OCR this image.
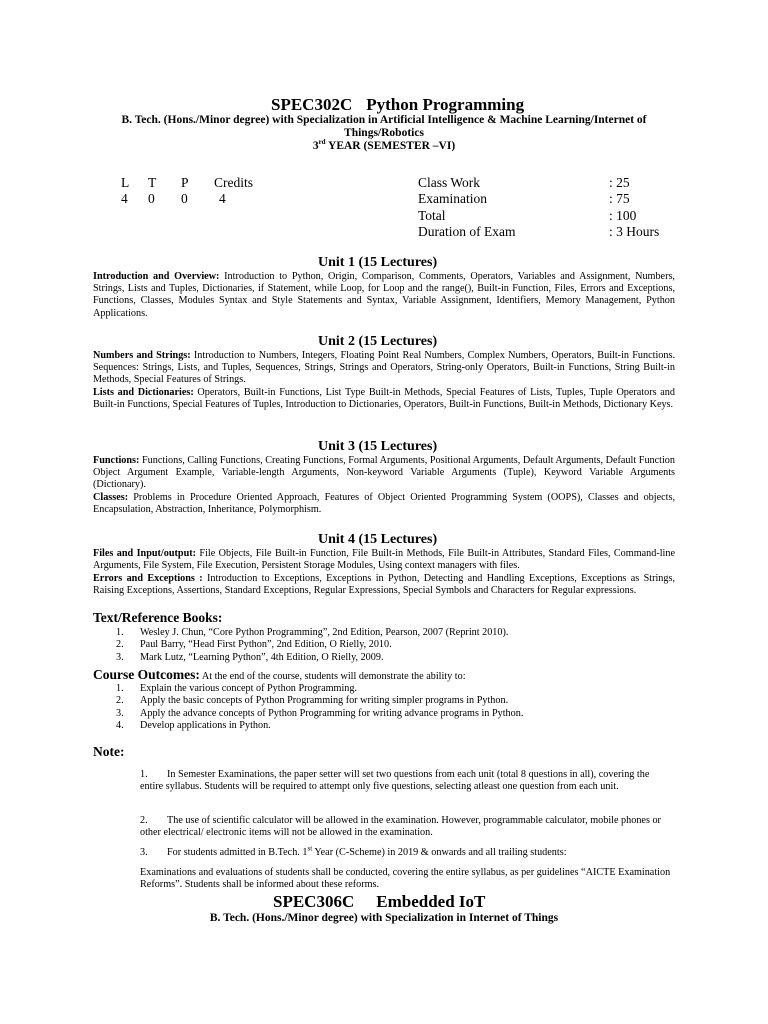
SPEC302C Python Programming
B. Tech. (Hons./Minor degree) with Specialization in Artificial Intelligence & Machine Learning/Internet of
Things/Robotics
3rd YEAR (SEMESTER –VI)
L T P Credits
4 0 0 4
Class Work	: 25
Examination	: 75
Total	: 100
Duration of Exam	: 3 Hours
Unit 1 (15 Lectures)
Introduction and Overview: Introduction to Python, Origin, Comparison, Comments, Operators, Variables and Assignment, Numbers, Strings, Lists and Tuples, Dictionaries, if Statement, while Loop, for Loop and the range(), Built-in Function, Files, Errors and Exceptions, Functions, Classes, Modules Syntax and Style Statements and Syntax, Variable Assignment, Identifiers, Memory Management, Python Applications.
Unit 2 (15 Lectures)
Numbers and Strings: Introduction to Numbers, Integers, Floating Point Real Numbers, Complex Numbers, Operators, Built-in Functions. Sequences: Strings, Lists, and Tuples, Sequences, Strings, Strings and Operators, String-only Operators, Built-in Functions, String Built-in Methods, Special Features of Strings.
Lists and Dictionaries: Operators, Built-in Functions, List Type Built-in Methods, Special Features of Lists, Tuples, Tuple Operators and Built-in Functions, Special Features of Tuples, Introduction to Dictionaries, Operators, Built-in Functions, Built-in Methods, Dictionary Keys.
Unit 3 (15 Lectures)
Functions: Functions, Calling Functions, Creating Functions, Formal Arguments, Positional Arguments, Default Arguments, Default Function Object Argument Example, Variable-length Arguments, Non-keyword Variable Arguments (Tuple), Keyword Variable Arguments (Dictionary).
Classes: Problems in Procedure Oriented Approach, Features of Object Oriented Programming System (OOPS), Classes and objects, Encapsulation, Abstraction, Inheritance, Polymorphism.
Unit 4 (15 Lectures)
Files and Input/output: File Objects, File Built-in Function, File Built-in Methods, File Built-in Attributes, Standard Files, Command-line Arguments, File System, File Execution, Persistent Storage Modules, Using context managers with files.
Errors and Exceptions : Introduction to Exceptions, Exceptions in Python, Detecting and Handling Exceptions, Exceptions as Strings, Raising Exceptions, Assertions, Standard Exceptions, Regular Expressions, Special Symbols and Characters for Regular expressions.
Text/Reference Books:
1. Wesley J. Chun, “Core Python Programming”, 2nd Edition, Pearson, 2007 (Reprint 2010).
2. Paul Barry, “Head First Python”, 2nd Edition, O Rielly, 2010.
3. Mark Lutz, “Learning Python”, 4th Edition, O Rielly, 2009.
Course Outcomes: At the end of the course, students will demonstrate the ability to:
1. Explain the various concept of Python Programming.
2. Apply the basic concepts of Python Programming for writing simpler programs in Python.
3. Apply the advance concepts of Python Programming for writing advance programs in Python.
4. Develop applications in Python.
Note:
1. In Semester Examinations, the paper setter will set two questions from each unit (total 8 questions in all), covering the entire syllabus. Students will be required to attempt only five questions, selecting atleast one question from each unit.
2. The use of scientific calculator will be allowed in the examination. However, programmable calculator, mobile phones or other electrical/ electronic items will not be allowed in the examination.
3. For students admitted in B.Tech. 1st Year (C-Scheme) in 2019 & onwards and all trailing students:
Examinations and evaluations of students shall be conducted, covering the entire syllabus, as per guidelines “AICTE Examination Reforms”. Students shall be informed about these reforms.
SPEC306C Embedded IoT
B. Tech. (Hons./Minor degree) with Specialization in Internet of Things
